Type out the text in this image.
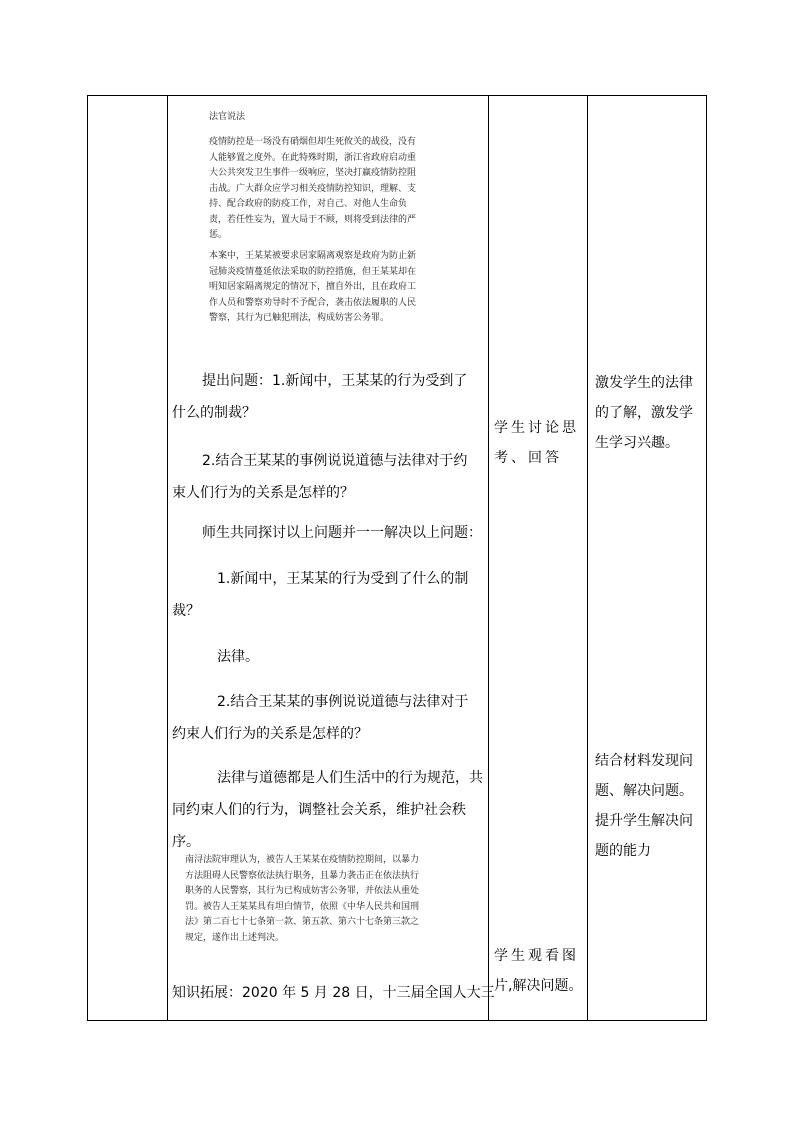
法官说法

疫情防控是一场没有硝烟但却生死攸关的战役，没有人能够置之度外。在此特殊时期，浙江省政府启动重大公共突发卫生事件一级响应，坚决打赢疫情防控阻击战。广大群众应学习相关疫情防控知识，理解、支持、配合政府的防疫工作，对自己、对他人生命负责，若任性妄为，置大局于不顾，则将受到法律的严惩。

本案中，王某某被要求居家隔离观察是政府为防止新冠肺炎疫情蔓延依法采取的防控措施，但王某某却在明知居家隔离规定的情况下，擅自外出，且在政府工作人员和警察劝导时不予配合，袭击依法履职的人民警察，其行为已触犯刑法，构成妨害公务罪。

提出问题：1.新闻中，王某某的行为受到了什么的制裁？

2.结合王某某的事例说说道德与法律对于约束人们行为的关系是怎样的？

师生共同探讨以上问题并一一解决以上问题：

1.新闻中，王某某的行为受到了什么的制裁？

法律。

2.结合王某某的事例说说道德与法律对于约束人们行为的关系是怎样的？

法律与道德都是人们生活中的行为规范，共同约束人们的行为，调整社会关系，维护社会秩序。

南浔法院审理认为，被告人王某某在疫情防控期间，以暴力方法阻碍人民警察依法执行职务，且暴力袭击正在依法执行职务的人民警察，其行为已构成妨害公务罪，并依法从重处罚。被告人王某某具有坦白情节，依照《中华人民共和国刑法》第二百七十七条第一款、第五款、第六十七条第三款之规定，遂作出上述判决。

知识拓展：2020 年 5 月 28 日，十三届全国人大三

学生讨论思
考、回答

学生观看图
片,解决问题。

激发学生的法律的了解，激发学生学习兴趣。

结合材料发现问题、解决问题。提升学生解决问题的能力
